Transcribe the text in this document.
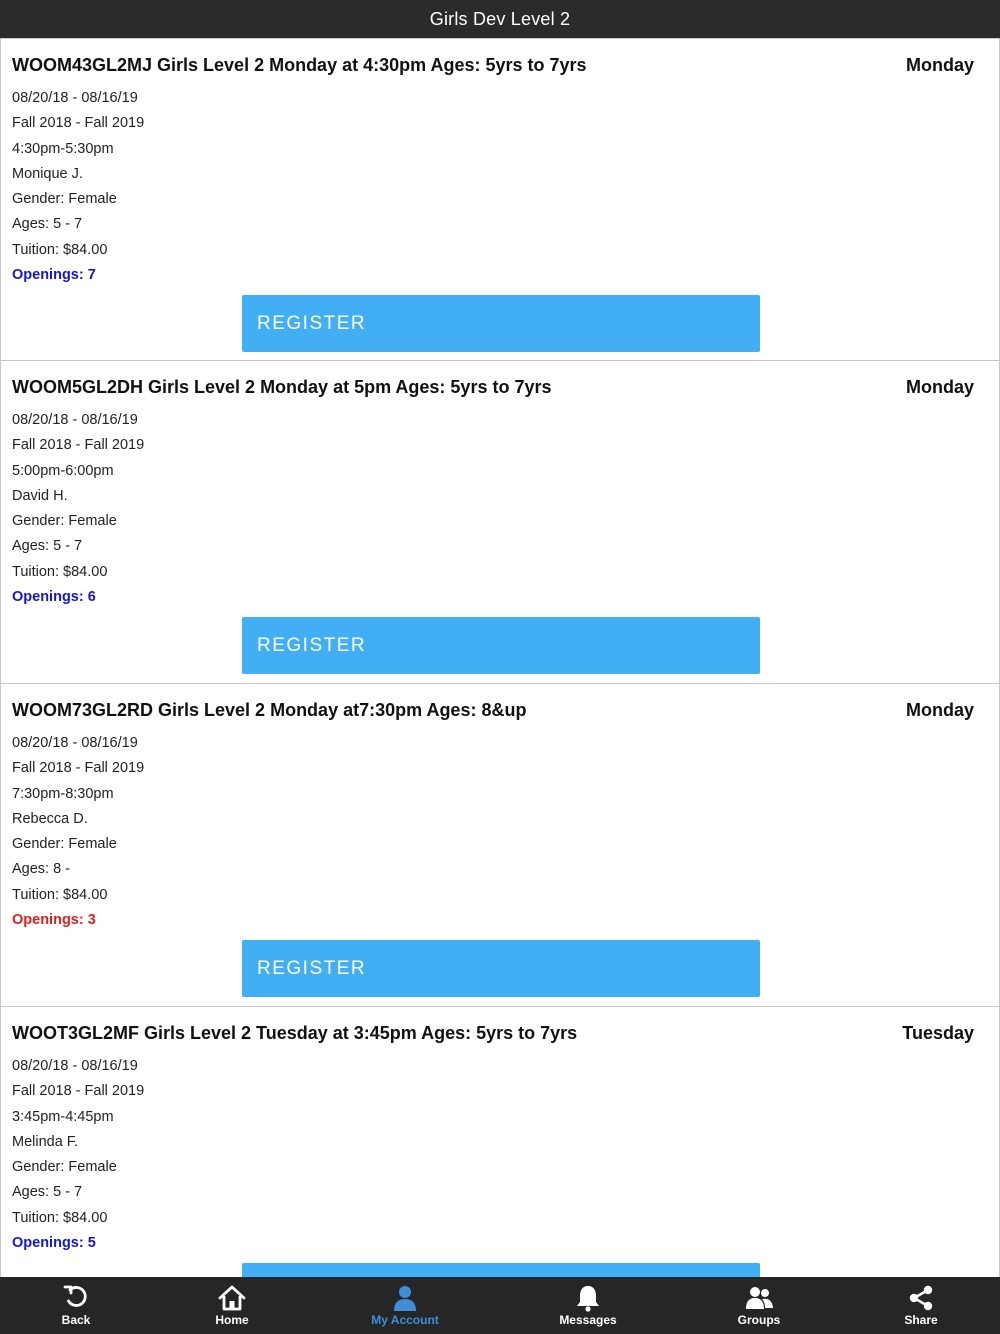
Girls Dev Level 2
WOOM43GL2MJ Girls Level 2 Monday at 4:30pm Ages: 5yrs to 7yrs	Monday
08/20/18 - 08/16/19
Fall 2018 - Fall 2019
4:30pm-5:30pm
Monique J.
Gender: Female
Ages: 5 - 7
Tuition: $84.00
Openings: 7
REGISTER
WOOM5GL2DH Girls Level 2 Monday at 5pm Ages: 5yrs to 7yrs	Monday
08/20/18 - 08/16/19
Fall 2018 - Fall 2019
5:00pm-6:00pm
David H.
Gender: Female
Ages: 5 - 7
Tuition: $84.00
Openings: 6
REGISTER
WOOM73GL2RD Girls Level 2 Monday at7:30pm Ages: 8&up	Monday
08/20/18 - 08/16/19
Fall 2018 - Fall 2019
7:30pm-8:30pm
Rebecca D.
Gender: Female
Ages: 8 -
Tuition: $84.00
Openings: 3
REGISTER
WOOT3GL2MF Girls Level 2 Tuesday at 3:45pm Ages: 5yrs to 7yrs	Tuesday
08/20/18 - 08/16/19
Fall 2018 - Fall 2019
3:45pm-4:45pm
Melinda F.
Gender: Female
Ages: 5 - 7
Tuition: $84.00
Openings: 5
Back	Home	My Account	Messages	Groups	Share
